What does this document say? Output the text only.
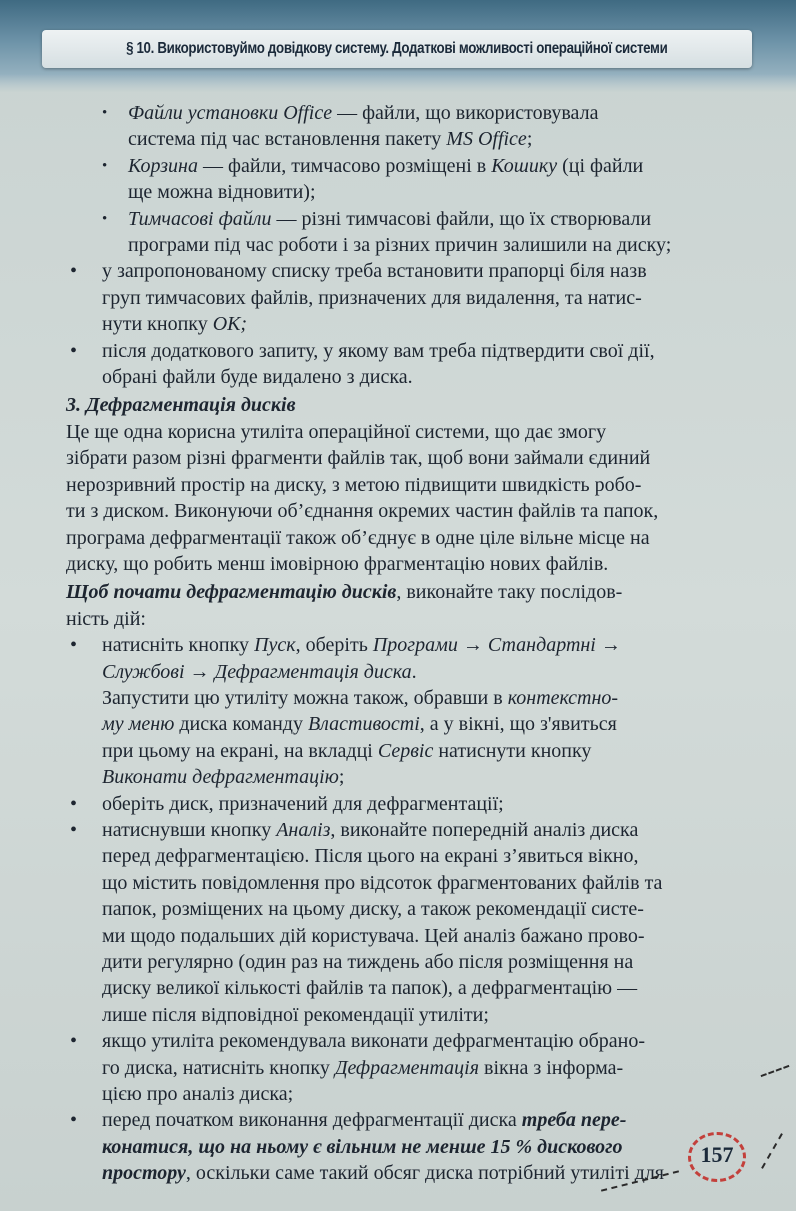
§ 10. Використовуймо довідкову систему. Додаткові можливості операційної системи
• Файли установки Office — файли, що використовувала
система під час встановлення пакету MS Office;
• Корзина — файли, тимчасово розміщені в Кошику (ці файли
ще можна відновити);
• Тимчасові файли — різні тимчасові файли, що їх створювали
програми під час роботи і за різних причин залишили на диску;
• у запропонованому списку треба встановити прапорці біля назв
груп тимчасових файлів, призначених для видалення, та натис-
нути кнопку ОК;
• після додаткового запиту, у якому вам треба підтвердити свої дії,
обрані файли буде видалено з диска.
3. Дефрагментація дисків

Це ще одна корисна утиліта операційної системи, що дає змогу
зібрати разом різні фрагменти файлів так, щоб вони займали єдиний
нерозривний простір на диску, з метою підвищити швидкість робо-
ти з диском. Виконуючи об’єднання окремих частин файлів та папок,
програма дефрагментації також об’єднує в одне ціле вільне місце на
диску, що робить менш імовірною фрагментацію нових файлів.

Щоб почати дефрагментацію дисків, виконайте таку послідов-
ність дій:

• натисніть кнопку Пуск, оберіть Програми → Стандартні →
Службові → Дефрагментація диска.
Запустити цю утиліту можна також, обравши в контекстно-
му меню диска команду Властивості, а у вікні, що з'явиться
при цьому на екрані, на вкладці Сервіс натиснути кнопку
Виконати дефрагментацію;
• оберіть диск, призначений для дефрагментації;
• натиснувши кнопку Аналіз, виконайте попередній аналіз диска
перед дефрагментацією. Після цього на екрані з’явиться вікно,
що містить повідомлення про відсоток фрагментованих файлів та
папок, розміщених на цьому диску, а також рекомендації систе-
ми щодо подальших дій користувача. Цей аналіз бажано прово-
дити регулярно (один раз на тиждень або після розміщення на
диску великої кількості файлів та папок), а дефрагментацію —
лише після відповідної рекомендації утиліти;
• якщо утиліта рекомендувала виконати дефрагментацію обрано-
го диска, натисніть кнопку Дефрагментація вікна з інформа-
цією про аналіз диска;
• перед початком виконання дефрагментації диска треба пере-
конатися, що на ньому є вільним не менше 15 % дискового
простору, оскільки саме такий обсяг диска потрібний утиліті для
157
